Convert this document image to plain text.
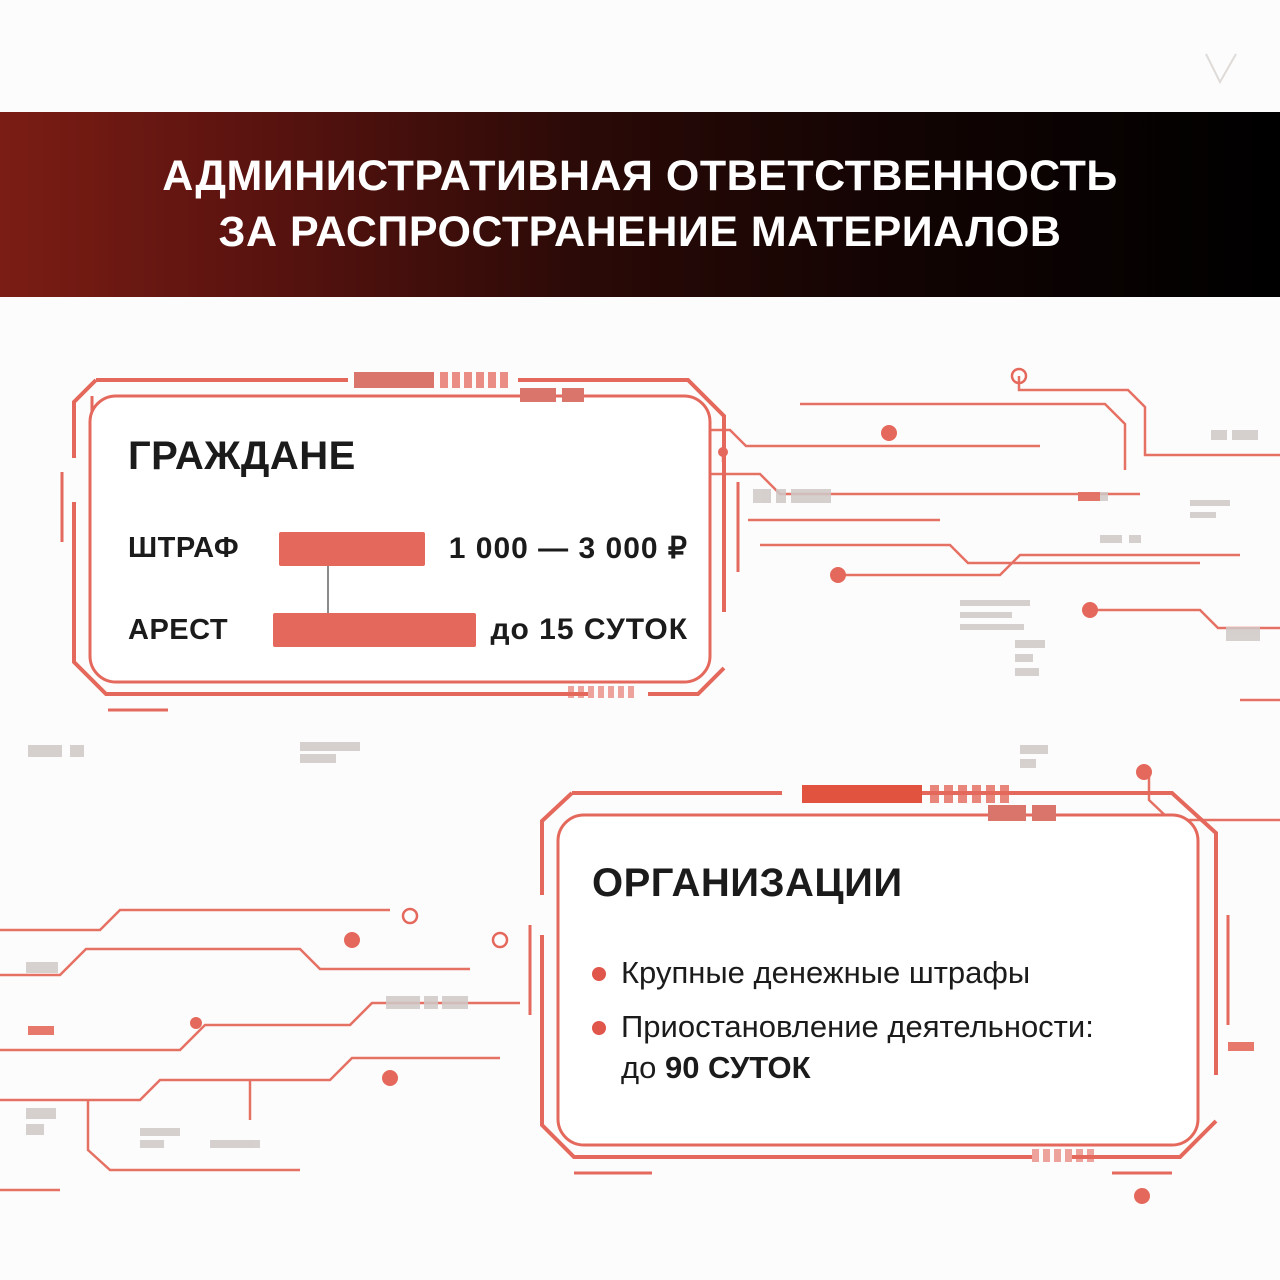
АДМИНИСТРАТИВНАЯ ОТВЕТСТВЕННОСТЬ
ЗА РАСПРОСТРАНЕНИЕ МАТЕРИАЛОВ
ГРАЖДАНЕ
ШТРАФ	1 000 — 3 000 ₽
АРЕСТ	до 15 СУТОК
ОРГАНИЗАЦИИ
Крупные денежные штрафы
Приостановление деятельности:
до 90 СУТОК
